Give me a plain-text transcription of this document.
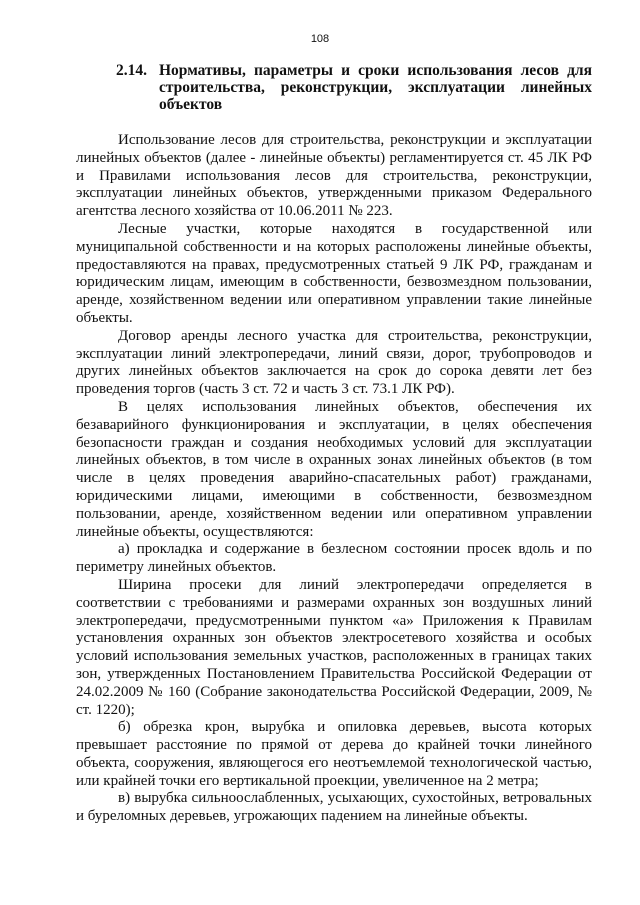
108
2.14. Нормативы, параметры и сроки использования лесов для строительства, реконструкции, эксплуатации линейных объектов

Использование лесов для строительства, реконструкции и эксплуатации линейных объектов (далее - линейные объекты) регламентируется ст. 45 ЛК РФ и Правилами использования лесов для строительства, реконструкции, эксплуатации линейных объектов, утвержденными приказом Федерального агентства лесного хозяйства от 10.06.2011 № 223.

Лесные участки, которые находятся в государственной или муниципальной собственности и на которых расположены линейные объекты, предоставляются на правах, предусмотренных статьей 9 ЛК РФ, гражданам и юридическим лицам, имеющим в собственности, безвозмездном пользовании, аренде, хозяйственном ведении или оперативном управлении такие линейные объекты.

Договор аренды лесного участка для строительства, реконструкции, эксплуатации линий электропередачи, линий связи, дорог, трубопроводов и других линейных объектов заключается на срок до сорока девяти лет без проведения торгов (часть 3 ст. 72 и часть 3 ст. 73.1 ЛК РФ).

В целях использования линейных объектов, обеспечения их безаварийного функционирования и эксплуатации, в целях обеспечения безопасности граждан и создания необходимых условий для эксплуатации линейных объектов, в том числе в охранных зонах линейных объектов (в том числе в целях проведения аварийно-спасательных работ) гражданами, юридическими лицами, имеющими в собственности, безвозмездном пользовании, аренде, хозяйственном ведении или оперативном управлении линейные объекты, осуществляются:

а) прокладка и содержание в безлесном состоянии просек вдоль и по периметру линейных объектов.

Ширина просеки для линий электропередачи определяется в соответствии с требованиями и размерами охранных зон воздушных линий электропередачи, предусмотренными пунктом «а» Приложения к Правилам установления охранных зон объектов электросетевого хозяйства и особых условий использования земельных участков, расположенных в границах таких зон, утвержденных Постановлением Правительства Российской Федерации от 24.02.2009 № 160 (Собрание законодательства Российской Федерации, 2009, № ст. 1220);

б) обрезка крон, вырубка и опиловка деревьев, высота которых превышает расстояние по прямой от дерева до крайней точки линейного объекта, сооружения, являющегося его неотъемлемой технологической частью, или крайней точки его вертикальной проекции, увеличенное на 2 метра;

в) вырубка сильноослабленных, усыхающих, сухостойных, ветровальных и буреломных деревьев, угрожающих падением на линейные объекты.
